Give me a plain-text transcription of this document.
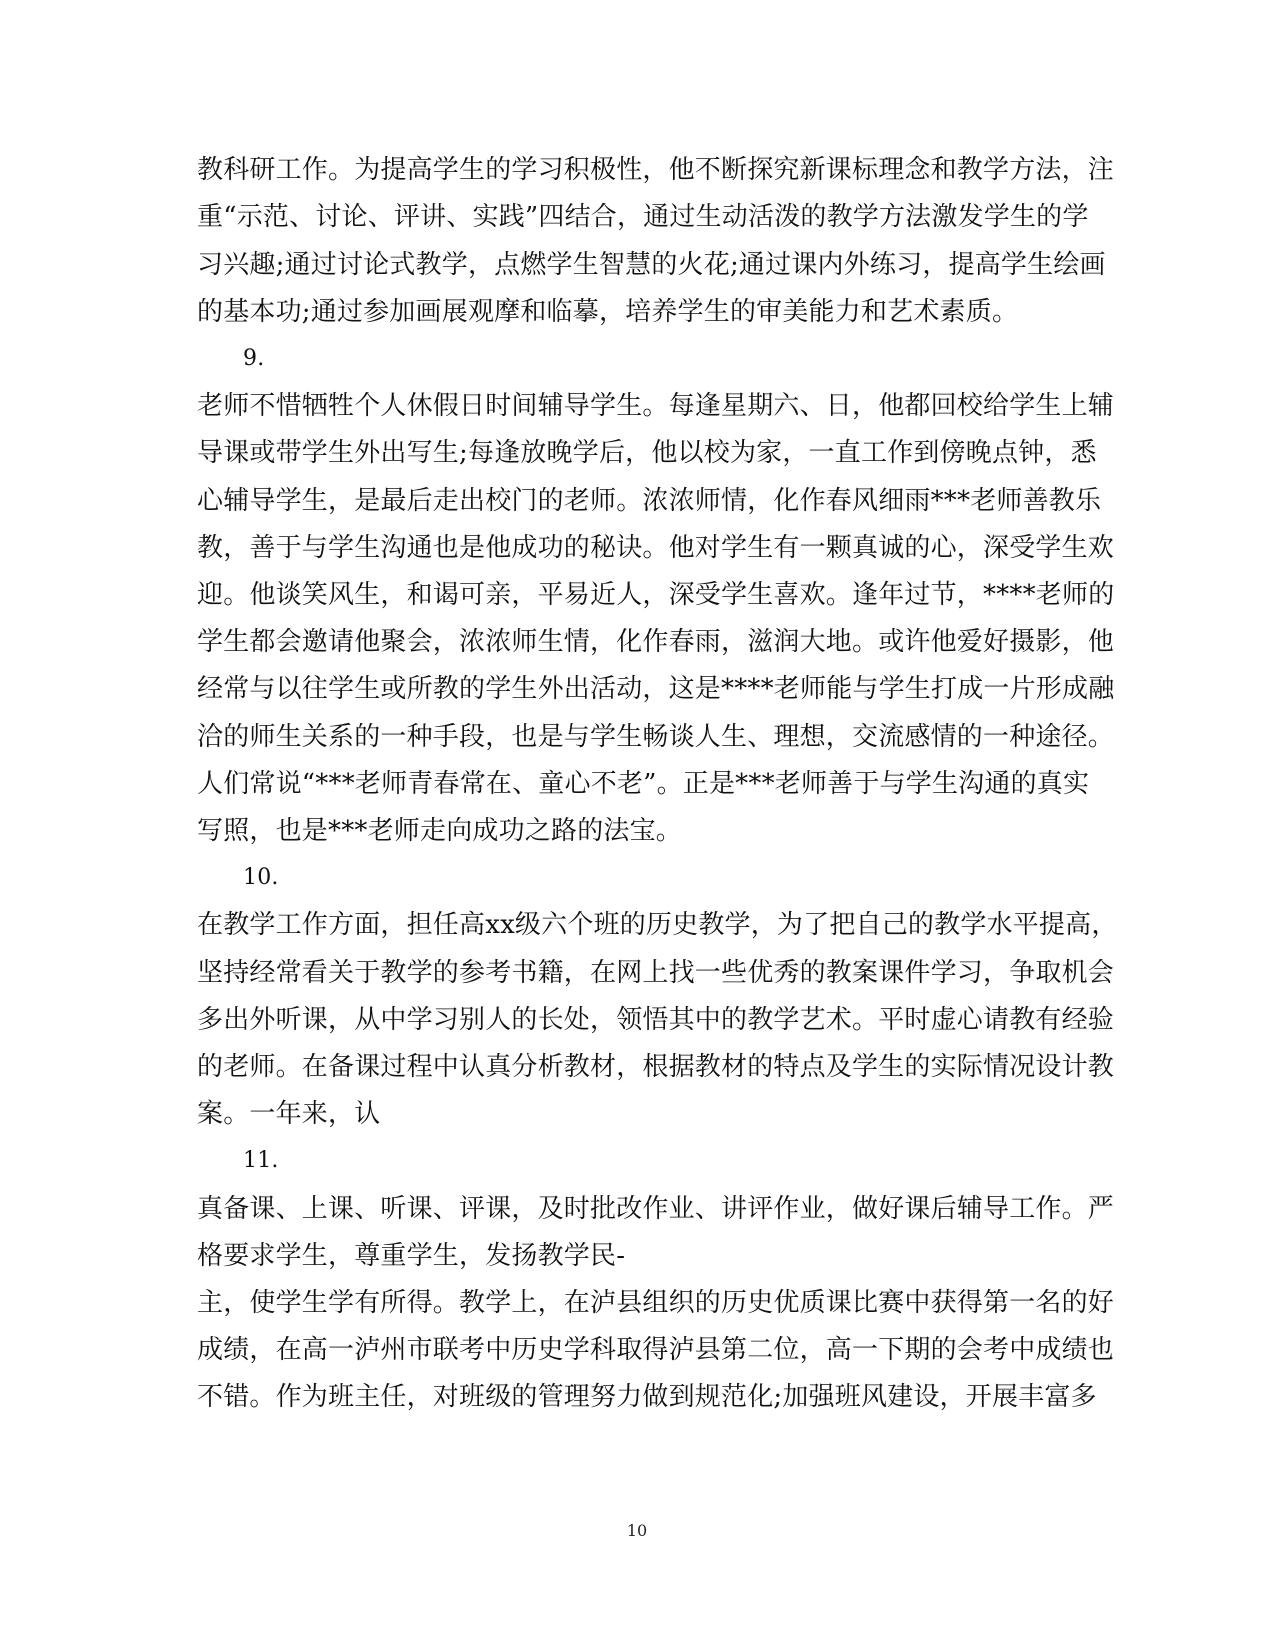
教科研工作。为提高学生的学习积极性，他不断探究新课标理念和教学方法，注
重“示范、讨论、评讲、实践”四结合，通过生动活泼的教学方法激发学生的学
习兴趣;通过讨论式教学，点燃学生智慧的火花;通过课内外练习，提高学生绘画
的基本功;通过参加画展观摩和临摹，培养学生的审美能力和艺术素质。
9.
老师不惜牺牲个人休假日时间辅导学生。每逢星期六、日，他都回校给学生上辅
导课或带学生外出写生;每逢放晚学后，他以校为家，一直工作到傍晚点钟，悉
心辅导学生，是最后走出校门的老师。浓浓师情，化作春风细雨***老师善教乐
教，善于与学生沟通也是他成功的秘诀。他对学生有一颗真诚的心，深受学生欢
迎。他谈笑风生，和谒可亲，平易近人，深受学生喜欢。逢年过节，****老师的
学生都会邀请他聚会，浓浓师生情，化作春雨，滋润大地。或许他爱好摄影，他
经常与以往学生或所教的学生外出活动，这是****老师能与学生打成一片形成融
洽的师生关系的一种手段，也是与学生畅谈人生、理想，交流感情的一种途径。
人们常说“***老师青春常在、童心不老”。正是***老师善于与学生沟通的真实
写照，也是***老师走向成功之路的法宝。
10.
在教学工作方面，担任高xx级六个班的历史教学，为了把自己的教学水平提高，
坚持经常看关于教学的参考书籍，在网上找一些优秀的教案课件学习，争取机会
多出外听课，从中学习别人的长处，领悟其中的教学艺术。平时虚心请教有经验
的老师。在备课过程中认真分析教材，根据教材的特点及学生的实际情况设计教
案。一年来，认
11.
真备课、上课、听课、评课，及时批改作业、讲评作业，做好课后辅导工作。严
格要求学生，尊重学生，发扬教学民-
主，使学生学有所得。教学上，在泸县组织的历史优质课比赛中获得第一名的好
成绩，在高一泸州市联考中历史学科取得泸县第二位，高一下期的会考中成绩也
不错。作为班主任，对班级的管理努力做到规范化;加强班风建设，开展丰富多
10
